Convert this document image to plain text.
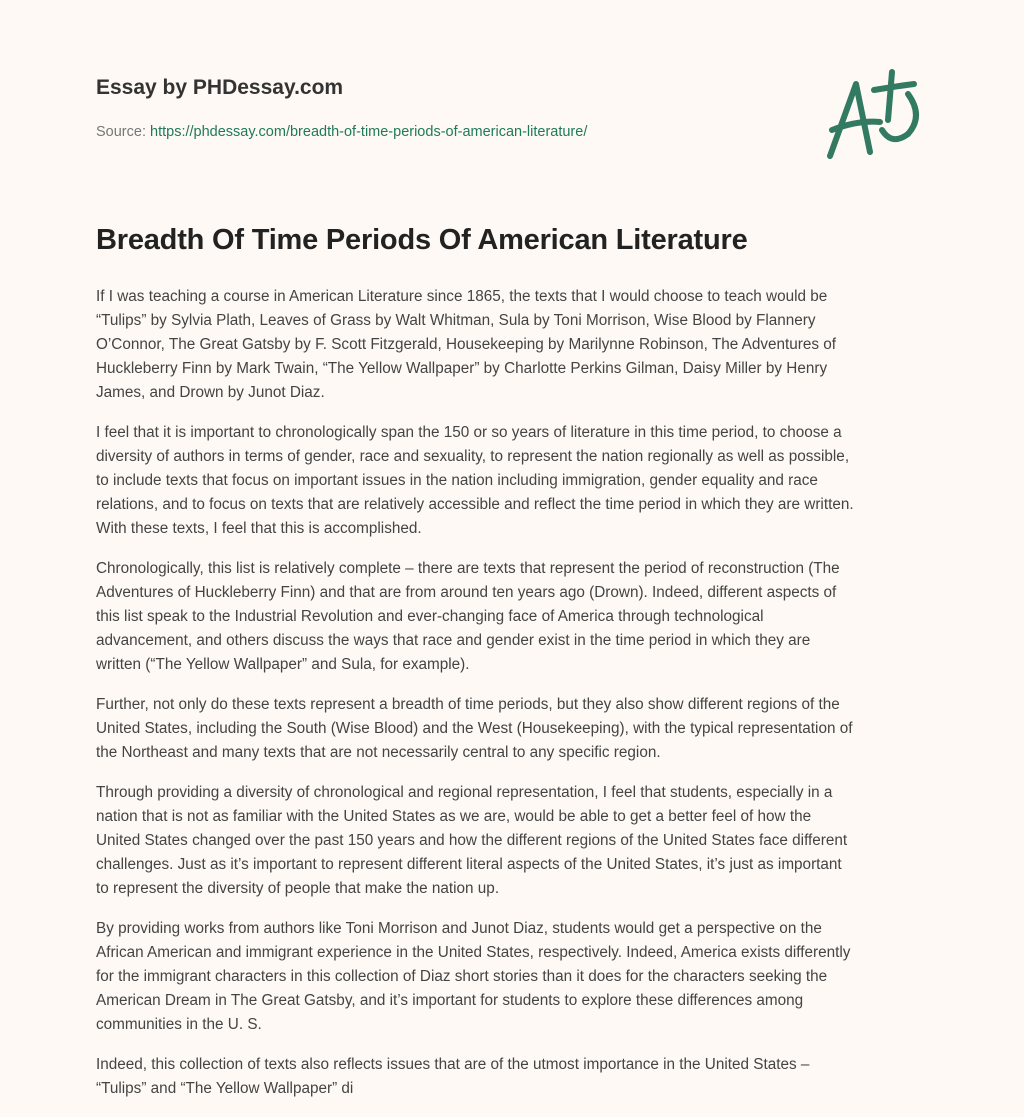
Essay by PHDessay.com
Source: https://phdessay.com/breadth-of-time-periods-of-american-literature/
Breadth Of Time Periods Of American Literature

If I was teaching a course in American Literature since 1865, the texts that I would choose to teach would be
“Tulips” by Sylvia Plath, Leaves of Grass by Walt Whitman, Sula by Toni Morrison, Wise Blood by Flannery
O’Connor, The Great Gatsby by F. Scott Fitzgerald, Housekeeping by Marilynne Robinson, The Adventures of
Huckleberry Finn by Mark Twain, “The Yellow Wallpaper” by Charlotte Perkins Gilman, Daisy Miller by Henry
James, and Drown by Junot Diaz.

I feel that it is important to chronologically span the 150 or so years of literature in this time period, to choose a
diversity of authors in terms of gender, race and sexuality, to represent the nation regionally as well as possible,
to include texts that focus on important issues in the nation including immigration, gender equality and race
relations, and to focus on texts that are relatively accessible and reflect the time period in which they are written.
With these texts, I feel that this is accomplished.

Chronologically, this list is relatively complete – there are texts that represent the period of reconstruction (The
Adventures of Huckleberry Finn) and that are from around ten years ago (Drown). Indeed, different aspects of
this list speak to the Industrial Revolution and ever-changing face of America through technological
advancement, and others discuss the ways that race and gender exist in the time period in which they are
written (“The Yellow Wallpaper” and Sula, for example).

Further, not only do these texts represent a breadth of time periods, but they also show different regions of the
United States, including the South (Wise Blood) and the West (Housekeeping), with the typical representation of
the Northeast and many texts that are not necessarily central to any specific region.

Through providing a diversity of chronological and regional representation, I feel that students, especially in a
nation that is not as familiar with the United States as we are, would be able to get a better feel of how the
United States changed over the past 150 years and how the different regions of the United States face different
challenges. Just as it’s important to represent different literal aspects of the United States, it’s just as important
to represent the diversity of people that make the nation up.

By providing works from authors like Toni Morrison and Junot Diaz, students would get a perspective on the
African American and immigrant experience in the United States, respectively. Indeed, America exists differently
for the immigrant characters in this collection of Diaz short stories than it does for the characters seeking the
American Dream in The Great Gatsby, and it’s important for students to explore these differences among
communities in the U. S.

Indeed, this collection of texts also reflects issues that are of the utmost importance in the United States –
“Tulips” and “The Yellow Wallpaper” di
